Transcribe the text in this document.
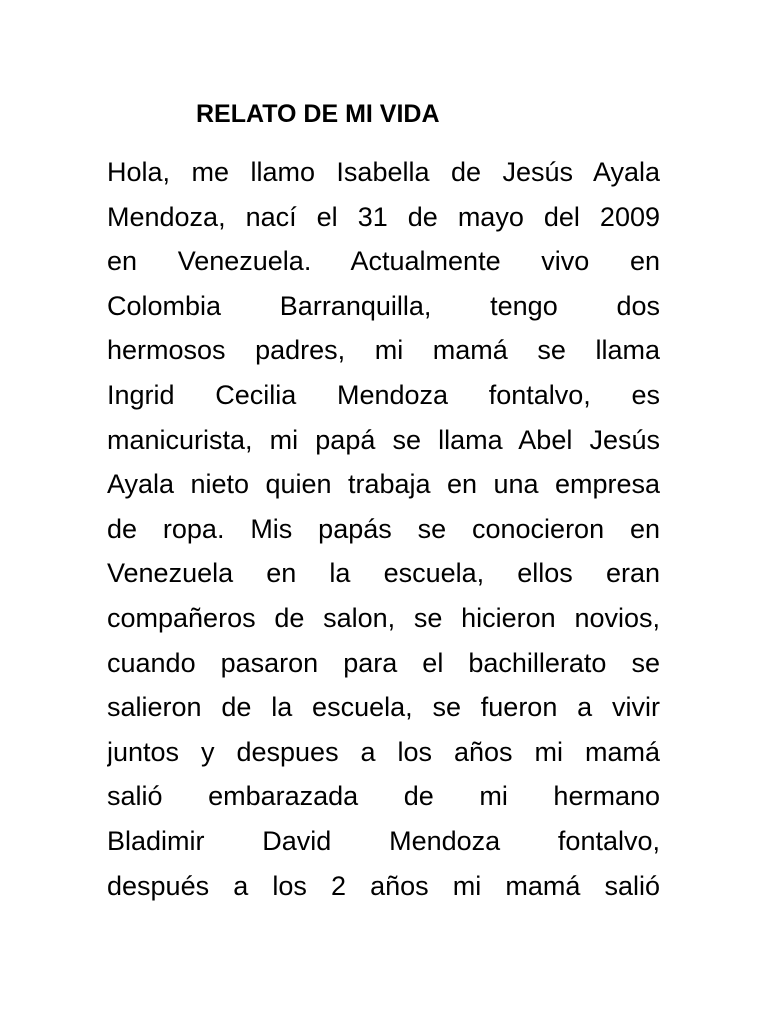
RELATO DE MI VIDA
Hola, me llamo Isabella de Jesús Ayala
Mendoza, nací el 31 de mayo del 2009
en Venezuela. Actualmente vivo en
Colombia Barranquilla, tengo dos
hermosos padres, mi mamá se llama
Ingrid Cecilia Mendoza fontalvo, es
manicurista, mi papá se llama Abel Jesús
Ayala nieto quien trabaja en una empresa
de ropa. Mis papás se conocieron en
Venezuela en la escuela, ellos eran
compañeros de salon, se hicieron novios,
cuando pasaron para el bachillerato se
salieron de la escuela, se fueron a vivir
juntos y despues a los años mi mamá
salió embarazada de mi hermano
Bladimir David Mendoza fontalvo,
después a los 2 años mi mamá salió
